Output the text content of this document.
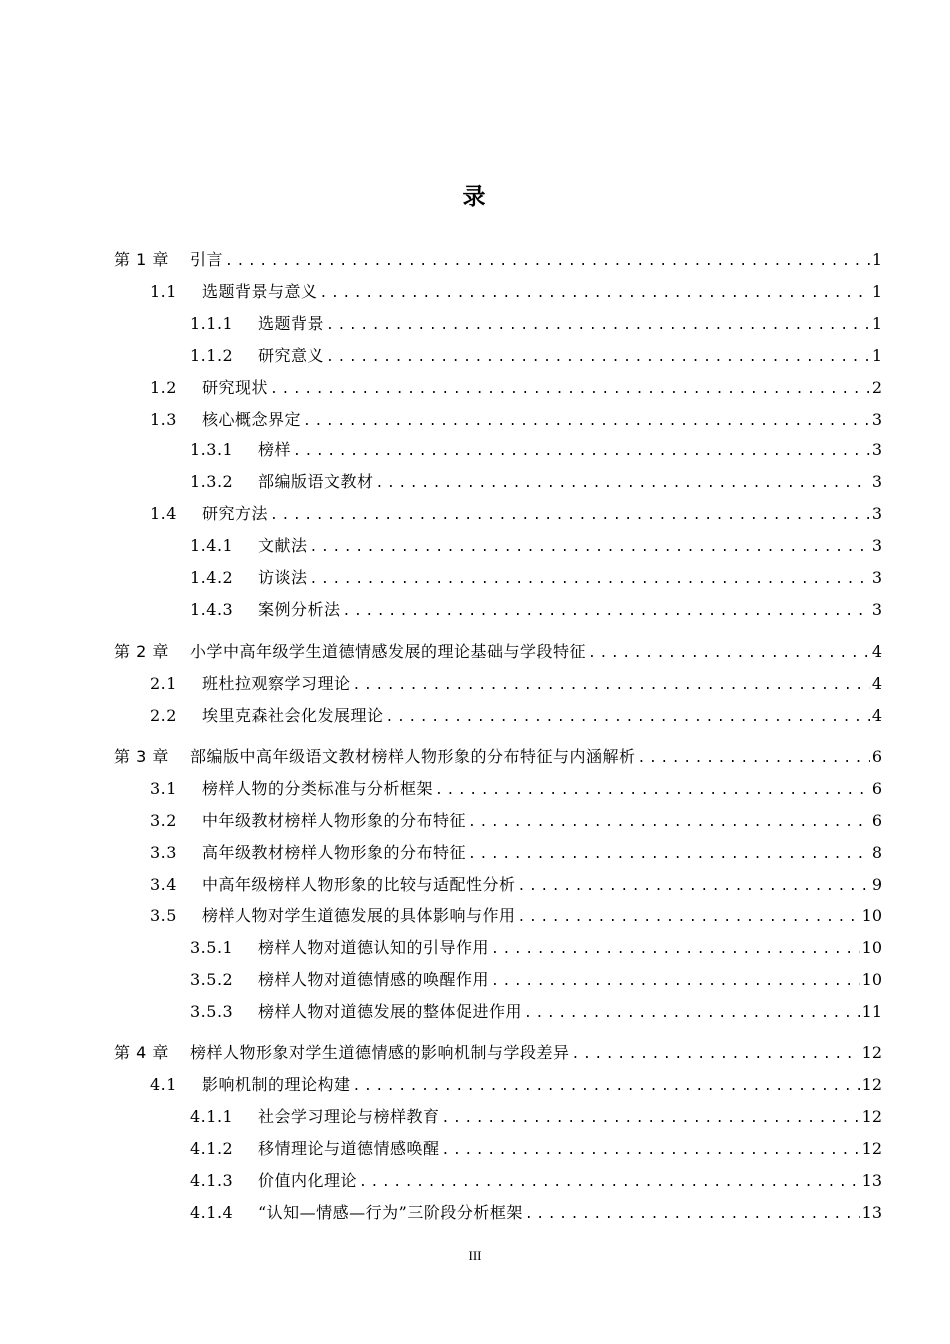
录
第 1 章	引言 .....	1
1.1	选题背景与意义 .....	1
1.1.1	选题背景 .....	1
1.1.2	研究意义 .....	1
1.2	研究现状 .....	2
1.3	核心概念界定 .....	3
1.3.1	榜样 .....	3
1.3.2	部编版语文教材 .....	3
1.4	研究方法 .....	3
1.4.1	文献法 .....	3
1.4.2	访谈法 .....	3
1.4.3	案例分析法 .....	3
第 2 章	小学中高年级学生道德情感发展的理论基础与学段特征 .....	4
2.1	班杜拉观察学习理论 .....	4
2.2	埃里克森社会化发展理论 .....	4
第 3 章	部编版中高年级语文教材榜样人物形象的分布特征与内涵解析 .....	6
3.1	榜样人物的分类标准与分析框架 .....	6
3.2	中年级教材榜样人物形象的分布特征 .....	6
3.3	高年级教材榜样人物形象的分布特征 .....	8
3.4	中高年级榜样人物形象的比较与适配性分析 .....	9
3.5	榜样人物对学生道德发展的具体影响与作用 .....	10
3.5.1	榜样人物对道德认知的引导作用 .....	10
3.5.2	榜样人物对道德情感的唤醒作用 .....	10
3.5.3	榜样人物对道德发展的整体促进作用 .....	11
第 4 章	榜样人物形象对学生道德情感的影响机制与学段差异 .....	12
4.1	影响机制的理论构建 .....	12
4.1.1	社会学习理论与榜样教育 .....	12
4.1.2	移情理论与道德情感唤醒 .....	12
4.1.3	价值内化理论 .....	13
4.1.4	“认知—情感—行为”三阶段分析框架 .....	13
III
